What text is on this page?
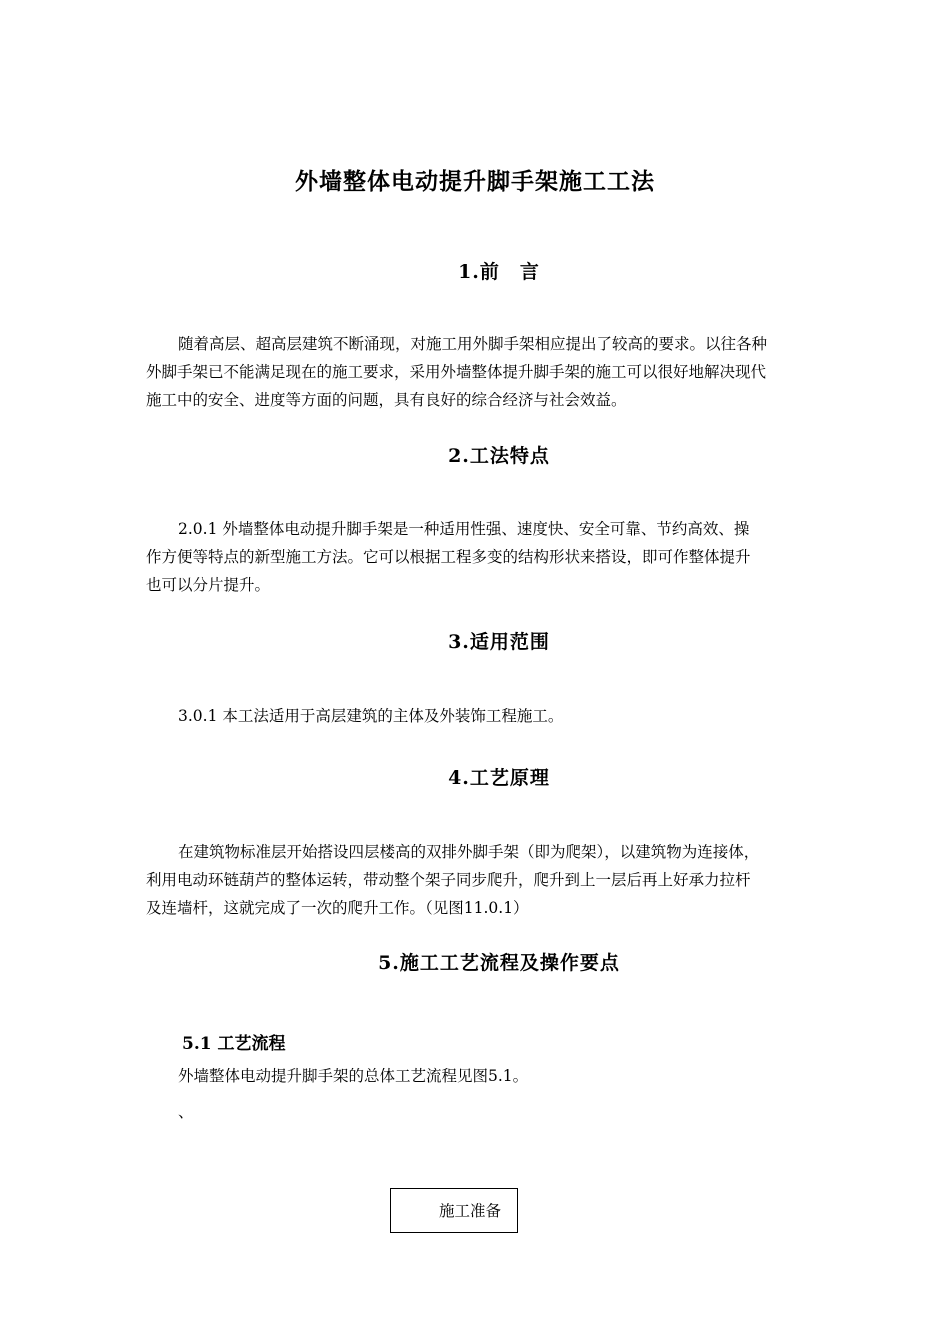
外墙整体电动提升脚手架施工工法
1.前　言
随着高层、超高层建筑不断涌现，对施工用外脚手架相应提出了较高的要求。以往各种
外脚手架已不能满足现在的施工要求，采用外墙整体提升脚手架的施工可以很好地解决现代
施工中的安全、进度等方面的问题，具有良好的综合经济与社会效益。
2.工法特点
2.0.1 外墙整体电动提升脚手架是一种适用性强、速度快、安全可靠、节约高效、操
作方便等特点的新型施工方法。它可以根据工程多变的结构形状来搭设，即可作整体提升
也可以分片提升。
3.适用范围
3.0.1 本工法适用于高层建筑的主体及外装饰工程施工。
4.工艺原理
在建筑物标准层开始搭设四层楼高的双排外脚手架（即为爬架），以建筑物为连接体，
利用电动环链葫芦的整体运转，带动整个架子同步爬升，爬升到上一层后再上好承力拉杆
及连墙杆，这就完成了一次的爬升工作。（见图11.0.1）
5.施工工艺流程及操作要点
5.1 工艺流程
外墙整体电动提升脚手架的总体工艺流程见图5.1。
、
施工准备
